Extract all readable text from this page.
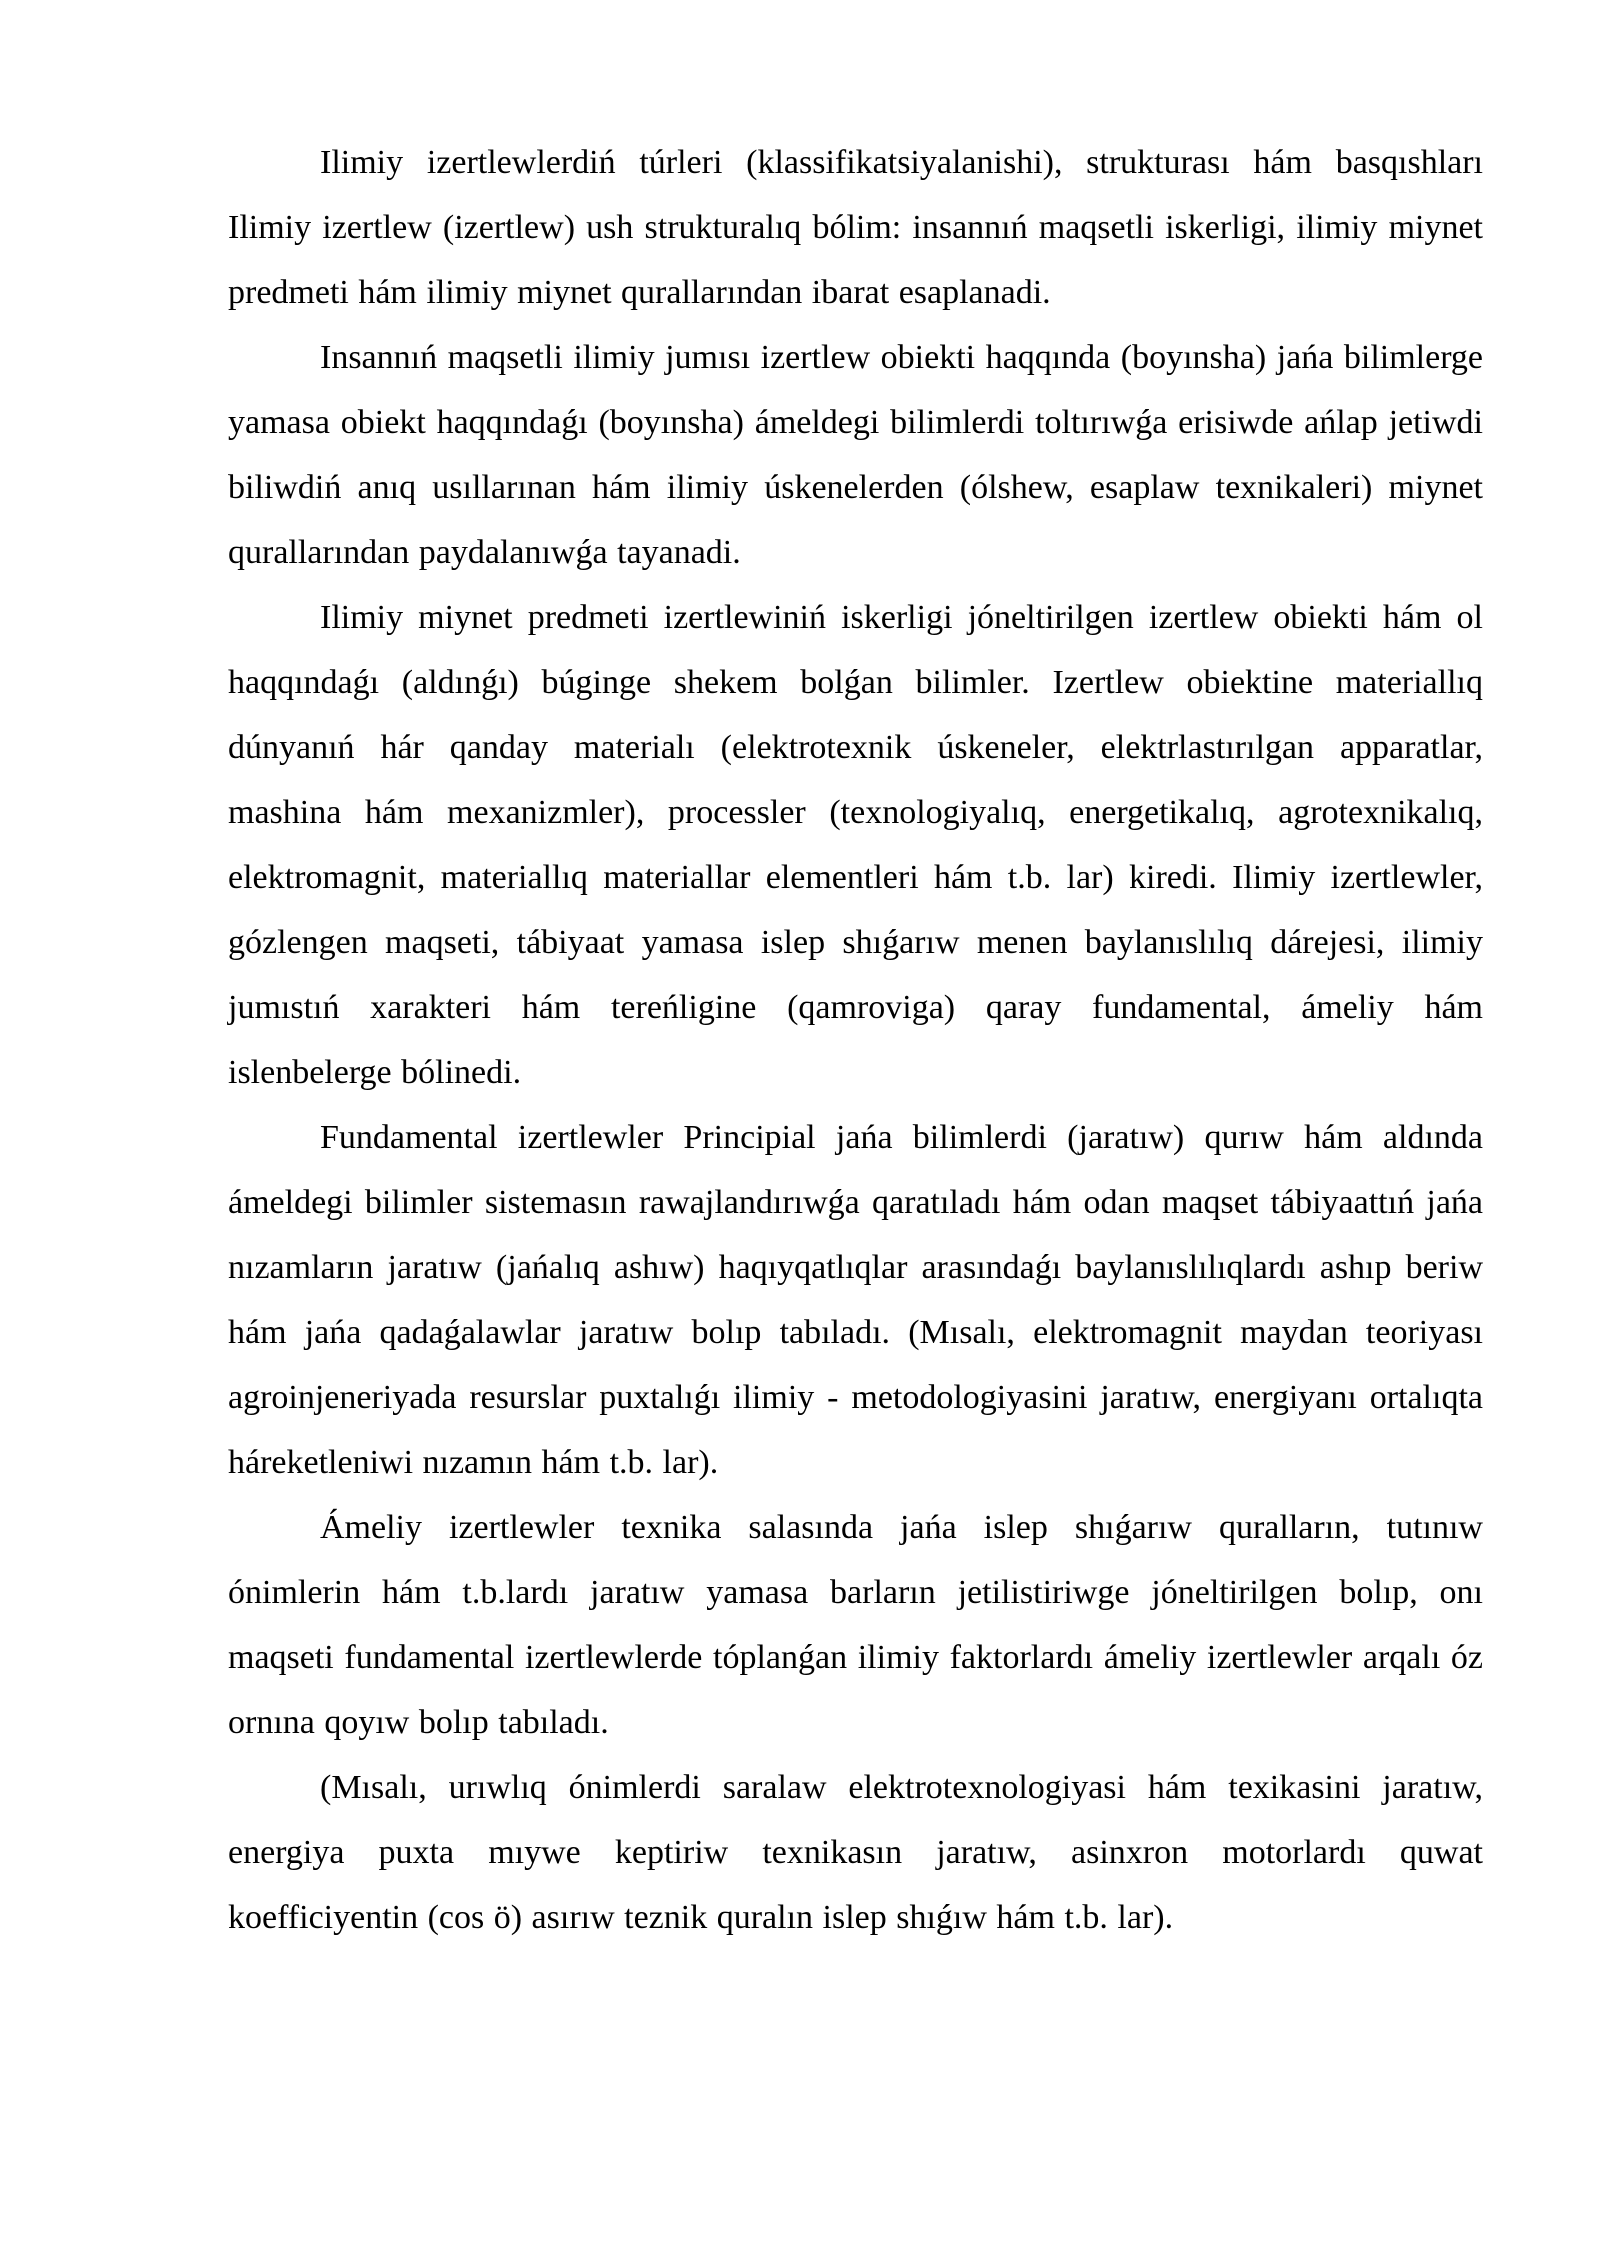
Ilimiy izertlewlerdiń túrleri (klassifikatsiyalanishi), strukturası hám basqıshları Ilimiy izertlew (izertlew) ush strukturalıq bólim: insannıń maqsetli iskerligi, ilimiy miynet predmeti hám ilimiy miynet qurallarından ibarat esaplanadi.

Insannıń maqsetli ilimiy jumısı izertlew obiekti haqqında (boyınsha) jańa bilimlerge yamasa obiekt haqqındaǵı (boyınsha) ámeldegi bilimlerdi toltırıwǵa erisiwde ańlap jetiwdi biliwdiń anıq usıllarınan hám ilimiy úskenelerden (ólshew, esaplaw texnikaleri) miynet qurallarından paydalanıwǵa tayanadi.

Ilimiy miynet predmeti izertlewiniń iskerligi jóneltirilgen izertlew obiekti hám ol haqqındaǵı (aldınǵı) búginge shekem bolǵan bilimler. Izertlew obiektine materiallıq dúnyanıń hár qanday materialı (elektrotexnik úskeneler, elektrlastırılgan apparatlar, mashina hám mexanizmler), processler (texnologiyalıq, energetikalıq, agrotexnikalıq, elektromagnit, materiallıq materiallar elementleri hám t.b. lar) kiredi. Ilimiy izertlewler, gózlengen maqseti, tábiyaat yamasa islep shıǵarıw menen baylanıslılıq dárejesi, ilimiy jumıstıń xarakteri hám tereńligine (qamroviga) qaray fundamental, ámeliy hám islenbelerge bólinedi.

Fundamental izertlewler Principial jańa bilimlerdi (jaratıw) qurıw hám aldında ámeldegi bilimler sistemasın rawajlandırıwǵa qaratıladı hám odan maqset tábiyaattıń jańa nızamların jaratıw (jańalıq ashıw) haqıyqatlıqlar arasındaǵı baylanıslılıqlardı ashıp beriw hám jańa qadaǵalawlar jaratıw bolıp tabıladı. (Mısalı, elektromagnit maydan teoriyası agroinjeneriyada resurslar puxtalıǵı ilimiy - metodologiyasini jaratıw, energiyanı ortalıqta háreketleniwi nızamın hám t.b. lar).

Ámeliy izertlewler texnika salasında jańa islep shıǵarıw quralların, tutınıw ónimlerin hám t.b.lardı jaratıw yamasa barların jetilistiriwge jóneltirilgen bolıp, onı maqseti fundamental izertlewlerde tóplanǵan ilimiy faktorlardı ámeliy izertlewler arqalı óz ornına qoyıw bolıp tabıladı.

(Mısalı, urıwlıq ónimlerdi saralaw elektrotexnologiyasi hám texikasini jaratıw, energiya puxta mıywe keptiriw texnikasın jaratıw, asinxron motorlardı quwat koefficiyentin (cos ö) asırıw teznik quralın islep shıǵıw hám t.b. lar).
